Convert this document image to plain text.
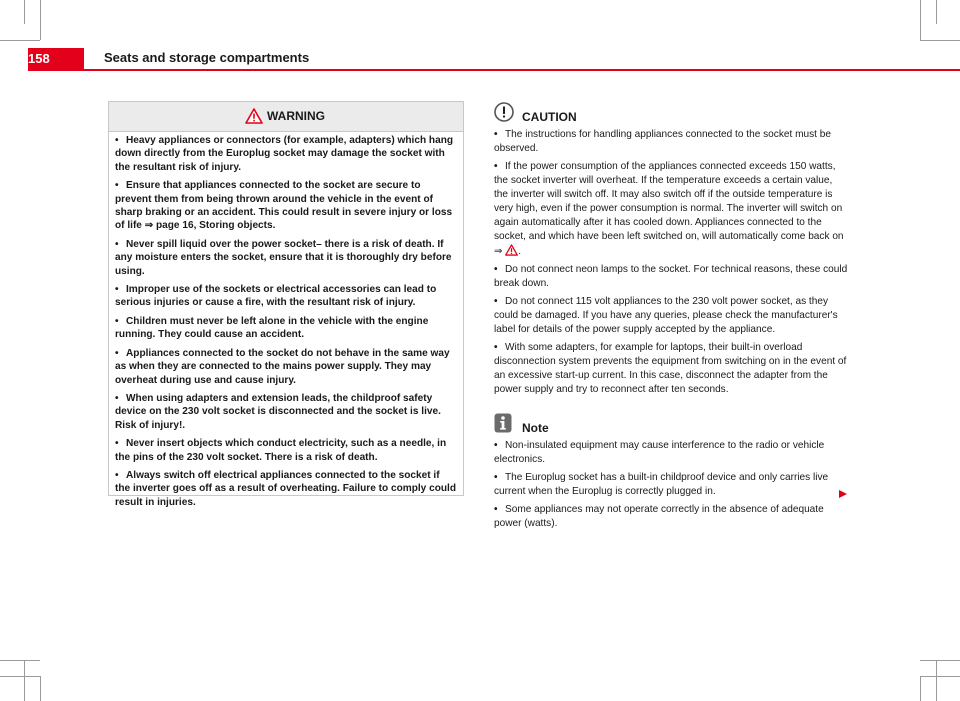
158	Seats and storage compartments
WARNING

• Heavy appliances or connectors (for example, adapters) which hang down directly from the Europlug socket may damage the socket with the resultant risk of injury.

• Ensure that appliances connected to the socket are secure to prevent them from being thrown around the vehicle in the event of sharp braking or an accident. This could result in severe injury or loss of life ⇒ page 16, Storing objects.

• Never spill liquid over the power socket– there is a risk of death. If any moisture enters the socket, ensure that it is thoroughly dry before using.

• Improper use of the sockets or electrical accessories can lead to serious injuries or cause a fire, with the resultant risk of injury.

• Children must never be left alone in the vehicle with the engine running. They could cause an accident.

• Appliances connected to the socket do not behave in the same way as when they are connected to the mains power supply. They may overheat during use and cause injury.

• When using adapters and extension leads, the childproof safety device on the 230 volt socket is disconnected and the socket is live. Risk of injury!.

• Never insert objects which conduct electricity, such as a needle, in the pins of the 230 volt socket. There is a risk of death.

• Always switch off electrical appliances connected to the socket if the inverter goes off as a result of overheating. Failure to comply could result in injuries.

CAUTION

• The instructions for handling appliances connected to the socket must be observed.

• If the power consumption of the appliances connected exceeds 150 watts, the socket inverter will overheat. If the temperature exceeds a certain value, the inverter will switch off. It may also switch off if the outside temperature is very high, even if the power consumption is normal. The inverter will switch on again automatically after it has cooled down. Appliances connected to the socket, and which have been left switched on, will automatically come back on ⇒ .

• Do not connect neon lamps to the socket. For technical reasons, these could break down.

• Do not connect 115 volt appliances to the 230 volt power socket, as they could be damaged. If you have any queries, please check the manufacturer's label for details of the power supply accepted by the appliance.

• With some adapters, for example for laptops, their built-in overload disconnection system prevents the equipment from switching on in the event of an excessive start-up current. In this case, disconnect the adapter from the power supply and try to reconnect after ten seconds.

Note

• Non-insulated equipment may cause interference to the radio or vehicle electronics.

• The Europlug socket has a built-in childproof device and only carries live current when the Europlug is correctly plugged in.

• Some appliances may not operate correctly in the absence of adequate power (watts).
